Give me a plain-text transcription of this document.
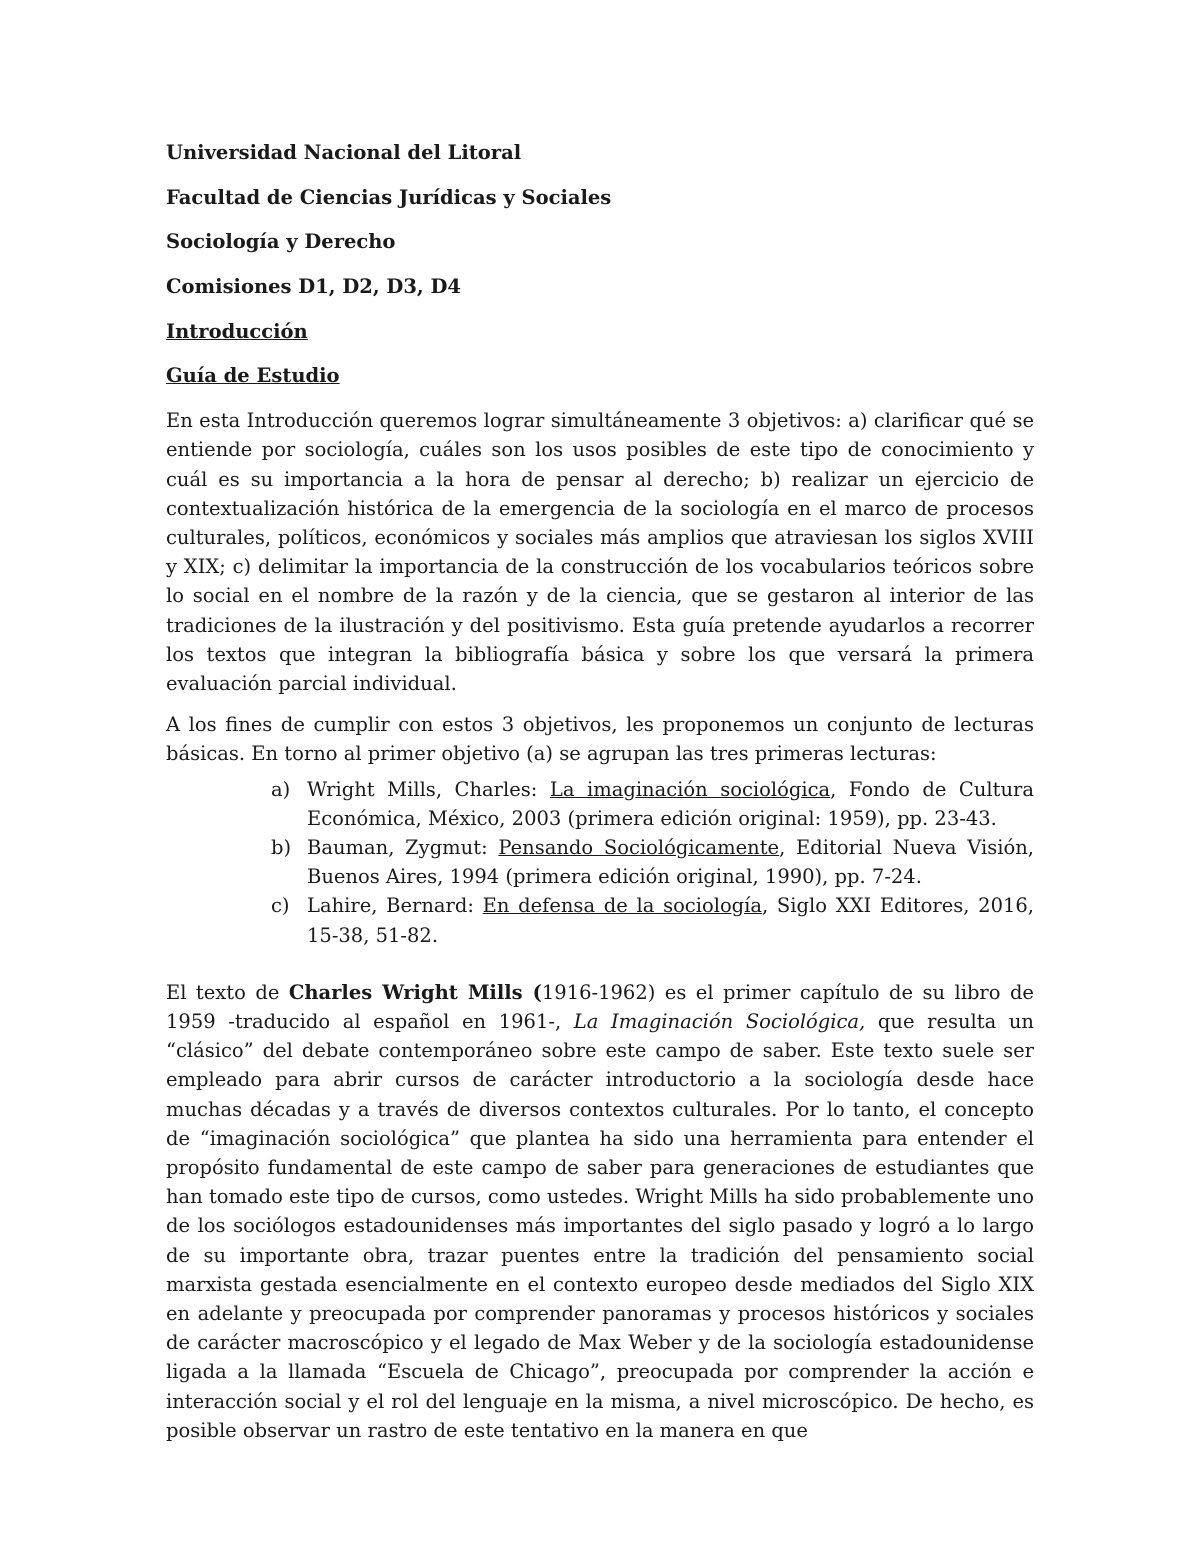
Universidad Nacional del Litoral
Facultad de Ciencias Jurídicas y Sociales
Sociología y Derecho
Comisiones D1, D2, D3, D4
Introducción
Guía de Estudio

En esta Introducción queremos lograr simultáneamente 3 objetivos: a) clarificar qué se entiende por sociología, cuáles son los usos posibles de este tipo de conocimiento y cuál es su importancia a la hora de pensar al derecho; b) realizar un ejercicio de contextualización histórica de la emergencia de la sociología en el marco de procesos culturales, políticos, económicos y sociales más amplios que atraviesan los siglos XVIII y XIX; c) delimitar la importancia de la construcción de los vocabularios teóricos sobre lo social en el nombre de la razón y de la ciencia, que se gestaron al interior de las tradiciones de la ilustración y del positivismo. Esta guía pretende ayudarlos a recorrer los textos que integran la bibliografía básica y sobre los que versará la primera evaluación parcial individual.

A los fines de cumplir con estos 3 objetivos, les proponemos un conjunto de lecturas básicas. En torno al primer objetivo (a) se agrupan las tres primeras lecturas:

a) Wright Mills, Charles: La imaginación sociológica, Fondo de Cultura Económica, México, 2003 (primera edición original: 1959), pp. 23-43.
b) Bauman, Zygmut: Pensando Sociológicamente, Editorial Nueva Visión, Buenos Aires, 1994 (primera edición original, 1990), pp. 7-24.
c) Lahire, Bernard: En defensa de la sociología, Siglo XXI Editores, 2016, 15-38, 51-82.

El texto de Charles Wright Mills (1916-1962) es el primer capítulo de su libro de 1959 -traducido al español en 1961-, La Imaginación Sociológica, que resulta un “clásico” del debate contemporáneo sobre este campo de saber. Este texto suele ser empleado para abrir cursos de carácter introductorio a la sociología desde hace muchas décadas y a través de diversos contextos culturales. Por lo tanto, el concepto de “imaginación sociológica” que plantea ha sido una herramienta para entender el propósito fundamental de este campo de saber para generaciones de estudiantes que han tomado este tipo de cursos, como ustedes. Wright Mills ha sido probablemente uno de los sociólogos estadounidenses más importantes del siglo pasado y logró a lo largo de su importante obra, trazar puentes entre la tradición del pensamiento social marxista gestada esencialmente en el contexto europeo desde mediados del Siglo XIX en adelante y preocupada por comprender panoramas y procesos históricos y sociales de carácter macroscópico y el legado de Max Weber y de la sociología estadounidense ligada a la llamada “Escuela de Chicago”, preocupada por comprender la acción e interacción social y el rol del lenguaje en la misma, a nivel microscópico. De hecho, es posible observar un rastro de este tentativo en la manera en que
